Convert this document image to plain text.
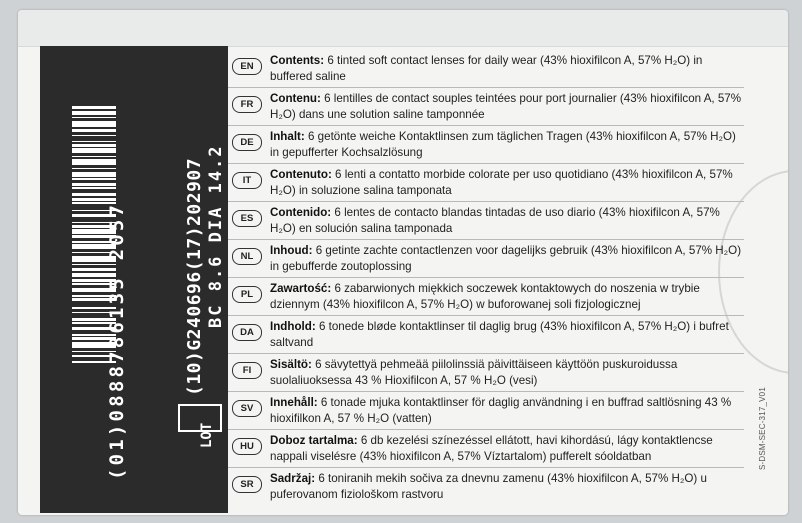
(01)0888786135 2057	(10)G240696(17)202907 BC 8.6 DIA 14.2
LOT
EN	Contents: 6 tinted soft contact lenses for daily wear (43% hioxifilcon A, 57% H₂O) in buffered saline
FR	Contenu: 6 lentilles de contact souples teintées pour port journalier (43% hioxifilcon A, 57% H₂O) dans une solution saline tamponnée
DE	Inhalt: 6 getönte weiche Kontaktlinsen zum täglichen Tragen (43% hioxifilcon A, 57% H₂O) in gepufferter Kochsalzlösung
IT	Contenuto: 6 lenti a contatto morbide colorate per uso quotidiano (43% hioxifilcon A, 57% H₂O) in soluzione salina tamponata
ES	Contenido: 6 lentes de contacto blandas tintadas de uso diario (43% hioxifilcon A, 57% H₂O) en solución salina tamponada
NL	Inhoud: 6 getinte zachte contactlenzen voor dagelijks gebruik (43% hioxifilcon A, 57% H₂O) in gebufferde zoutoplossing
PL	Zawartość: 6 zabarwionych miękkich soczewek kontaktowych do noszenia w trybie dziennym (43% hioxifilcon A, 57% H₂O) w buforowanej soli fizjologicznej
DA	Indhold: 6 tonede bløde kontaktlinser til daglig brug (43% hioxifilcon A, 57% H₂O) i bufret saltvand
FI	Sisältö: 6 sävytettyä pehmeää piilolinssiä päivittäiseen käyttöön puskuroidussa suolaliuoksessa 43 % Hioxifilcon A, 57 % H₂O (vesi)
SV	Innehåll: 6 tonade mjuka kontaktlinser för daglig användning i en buffrad saltlösning 43 % hioxifilkon A, 57 % H₂O (vatten)
HU	Doboz tartalma: 6 db kezelési színezéssel ellátott, havi kihordású, lágy kontaktlencse nappali viselésre (43% hioxifilcon A, 57% Víztartalom) pufferelt sóoldatban
SR	Sadržaj: 6 toniranih mekih sočiva za dnevnu zamenu (43% hioxifilcon A, 57% H₂O) u puferovanom fiziološkom rastvoru
S-DSM-SEC-317_V01
